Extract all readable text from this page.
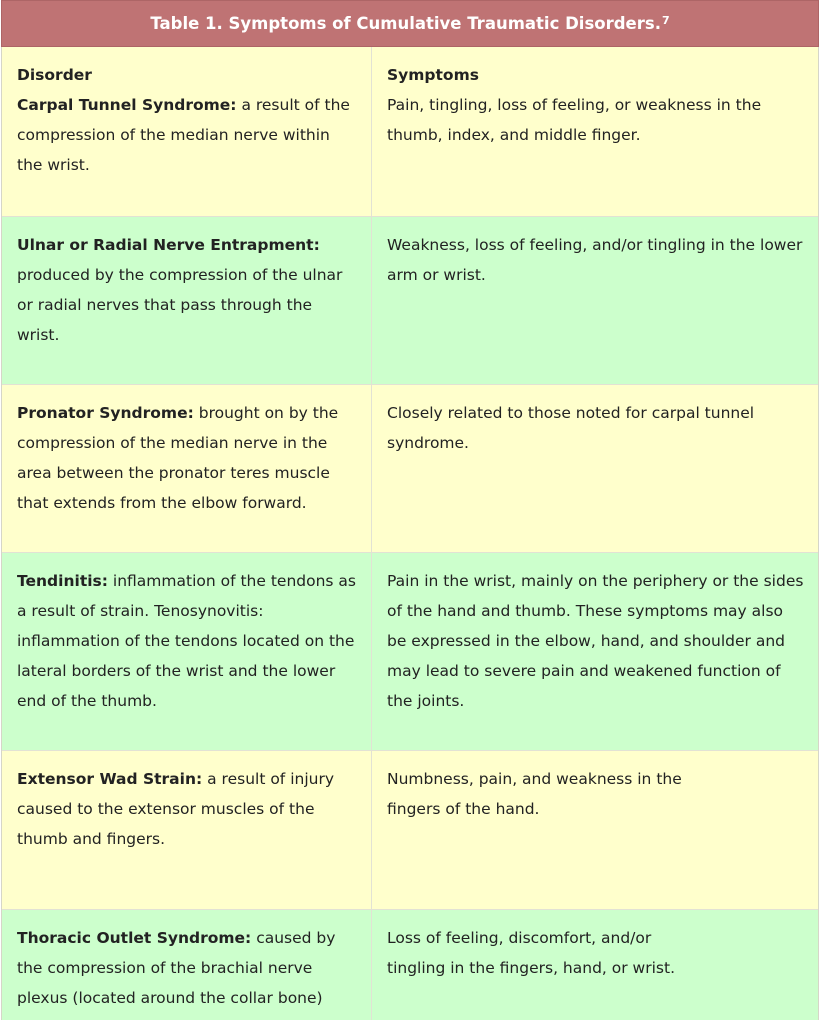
Table 1. Symptoms of Cumulative Traumatic Disorders.$^7$
Disorder
Carpal Tunnel Syndrome: a result of the compression of the median nerve within the wrist.
Symptoms
Pain, tingling, loss of feeling, or weakness in the thumb, index, and middle finger.
Ulnar or Radial Nerve Entrapment:
produced by the compression of the ulnar or radial nerves that pass through the wrist.
Weakness, loss of feeling, and/or tingling in the lower arm or wrist.
Pronator Syndrome: brought on by the compression of the median nerve in the area between the pronator teres muscle that extends from the elbow forward.
Closely related to those noted for carpal tunnel syndrome.
Tendinitis: inflammation of the tendons as a result of strain. Tenosynovitis: inflammation of the tendons located on the lateral borders of the wrist and the lower end of the thumb.
Pain in the wrist, mainly on the periphery or the sides of the hand and thumb. These symptoms may also be expressed in the elbow, hand, and shoulder and may lead to severe pain and weakened function of the joints.
Extensor Wad Strain: a result of injury caused to the extensor muscles of the thumb and fingers.
Numbness, pain, and weakness in the
fingers of the hand.
Thoracic Outlet Syndrome: caused by the compression of the brachial nerve plexus (located around the collar bone)
Loss of feeling, discomfort, and/or
tingling in the fingers, hand, or wrist.
